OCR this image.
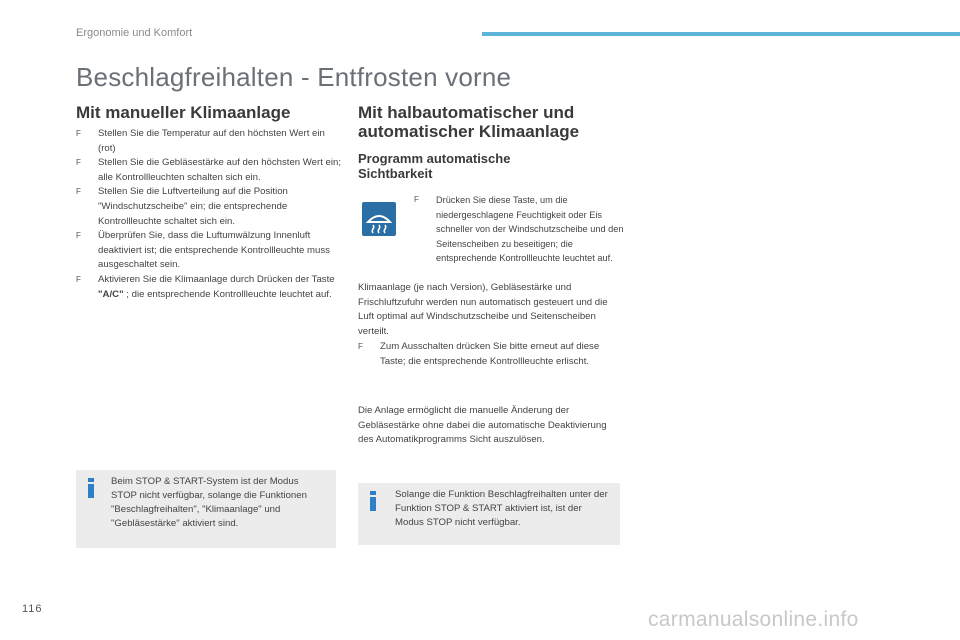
Ergonomie und Komfort
Beschlagfreihalten - Entfrosten vorne
Mit manueller Klimaanlage
F Stellen Sie die Temperatur auf den höchsten Wert ein (rot)
F Stellen Sie die Gebläsestärke auf den höchsten Wert ein; alle Kontrollleuchten schalten sich ein.
F Stellen Sie die Luftverteilung auf die Position "Windschutzscheibe" ein; die entsprechende Kontrollleuchte schaltet sich ein.
F Überprüfen Sie, dass die Luftumwälzung Innenluft deaktiviert ist; die entsprechende Kontrollleuchte muss ausgeschaltet sein.
F Aktivieren Sie die Klimaanlage durch Drücken der Taste "A/C" ; die entsprechende Kontrollleuchte leuchtet auf.
Beim STOP & START-System ist der Modus STOP nicht verfügbar, solange die Funktionen "Beschlagfreihalten", "Klimaanlage" und "Gebläsestärke" aktiviert sind.
Mit halbautomatischer und automatischer Klimaanlage
Programm automatische Sichtbarkeit
F Drücken Sie diese Taste, um die niedergeschlagene Feuchtigkeit oder Eis schneller von der Windschutzscheibe und den Seitenscheiben zu beseitigen; die entsprechende Kontrollleuchte leuchtet auf.
Klimaanlage (je nach Version), Gebläsestärke und Frischluftzufuhr werden nun automatisch gesteuert und die Luft optimal auf Windschutzscheibe und Seitenscheiben verteilt.
F Zum Ausschalten drücken Sie bitte erneut auf diese Taste; die entsprechende Kontrollleuchte erlischt.
Die Anlage ermöglicht die manuelle Änderung der Gebläsestärke ohne dabei die automatische Deaktivierung des Automatikprogramms Sicht auszulösen.
Solange die Funktion Beschlagfreihalten unter der Funktion STOP & START aktiviert ist, ist der Modus STOP nicht verfügbar.
116	carmanualsonline.info
